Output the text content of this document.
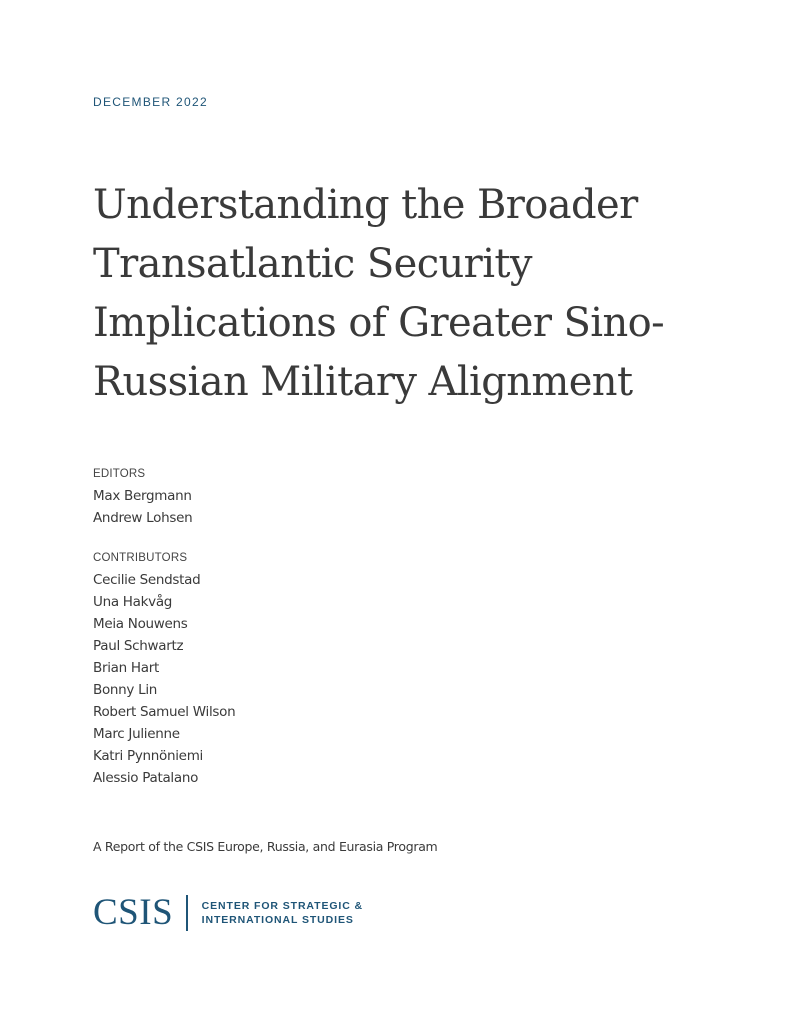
DECEMBER 2022
Understanding the Broader
Transatlantic Security
Implications of Greater Sino-
Russian Military Alignment
EDITORS
Max Bergmann
Andrew Lohsen
CONTRIBUTORS
Cecilie Sendstad
Una Hakvåg
Meia Nouwens
Paul Schwartz
Brian Hart
Bonny Lin
Robert Samuel Wilson
Marc Julienne
Katri Pynnöniemi
Alessio Patalano
A Report of the CSIS Europe, Russia, and Eurasia Program
CSIS	CENTER FOR STRATEGIC &
INTERNATIONAL STUDIES
